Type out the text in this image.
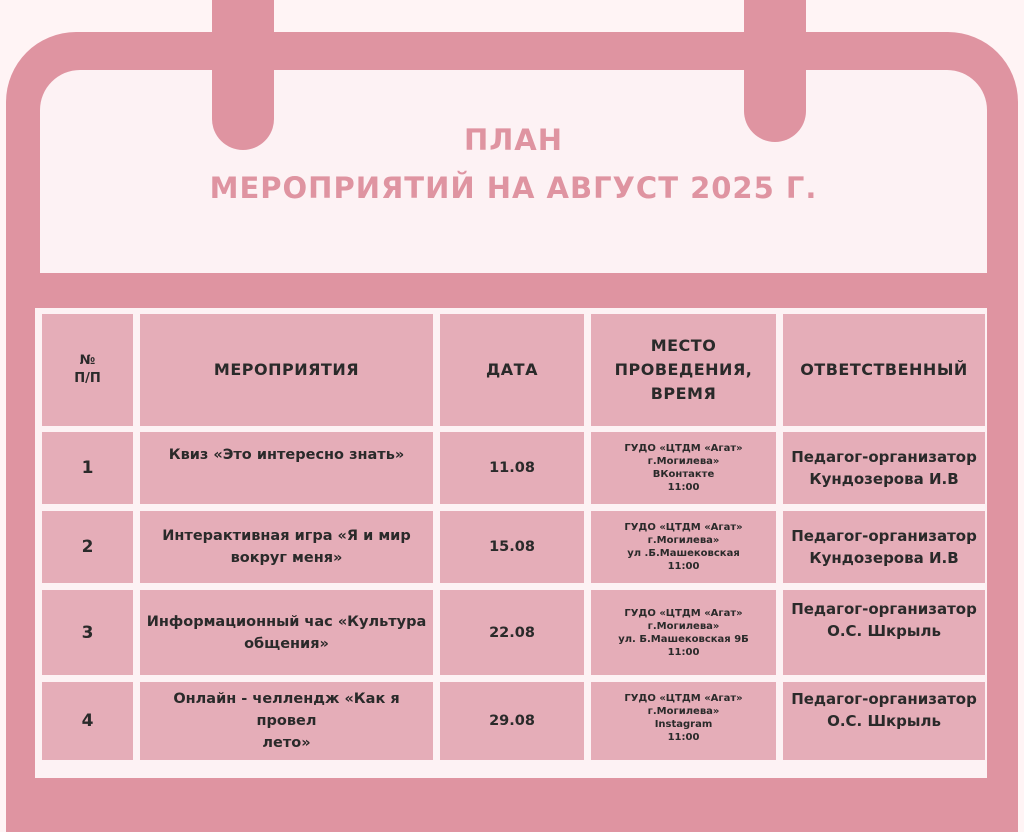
ПЛАН
МЕРОПРИЯТИЙ НА АВГУСТ 2025 Г.
№
П/П	МЕРОПРИЯТИЯ	ДАТА
МЕСТО
ПРОВЕДЕНИЯ,
ВРЕМЯ
ОТВЕТСТВЕННЫЙ
1
Квиз «Это интересно знать»
11.08
ГУДО «ЦТДМ «Агат» г.Могилева»
ВКонтакте
11:00
Педагог-организатор
Кундозерова И.В
2
Интерактивная игра «Я и мир
вокруг меня»
15.08
ГУДО «ЦТДМ «Агат» г.Могилева»
ул .Б.Машековская
11:00
Педагог-организатор
Кундозерова И.В
3
Информационный час «Культура
общения»
22.08
ГУДО «ЦТДМ «Агат» г.Могилева»
ул. Б.Машековская 9Б
11:00
Педагог-организатор
О.С. Шкрыль
4
Онлайн - челлендж «Как я провел
лето»
29.08
ГУДО «ЦТДМ «Агат» г.Могилева»
Instagram
11:00
Педагог-организатор
О.С. Шкрыль
